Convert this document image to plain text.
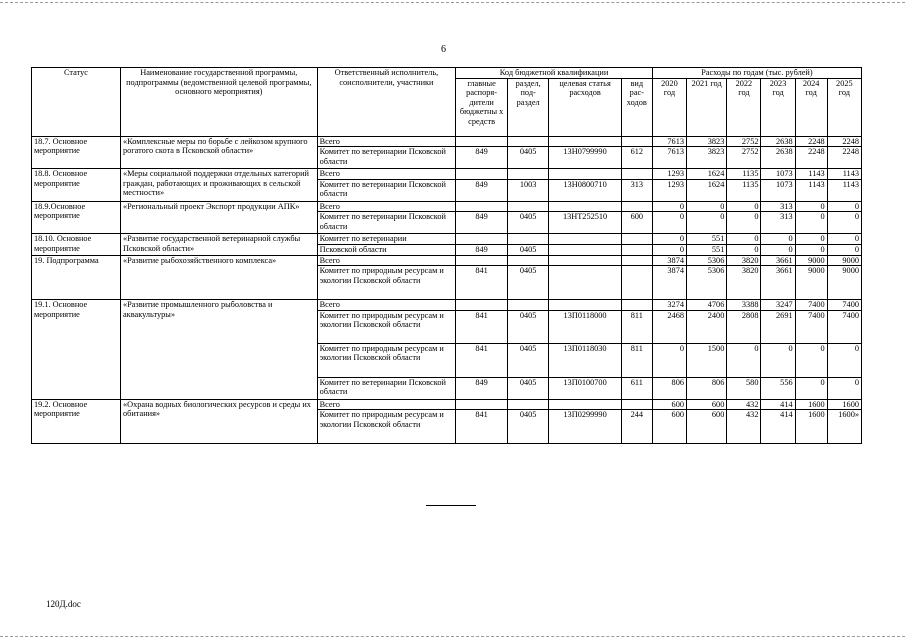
6
Статус	Наименование государственной программы, подпрограммы (ведомственной целевой программы, основного мероприятия)	Ответственный исполнитель, соисполнители, участники	Код бюджетной квалификации				Расходы по годам (тыс. рублей)					
			главные распоря-дители бюджетны х средств	раздел, под-раздел	целевая статья расходов	вид рас-ходов	2020 год	2021 год	2022 год	2023 год	2024 год	2025 год
18.7. Основное мероприятие	«Комплексные меры по борьбе с лейкозом крупного рогатого скота в Псковской области»	Всего					7613	3823	2752	2638	2248	2248
		Комитет по ветеринарии Псковской области	849	0405	13Н0799990	612	7613	3823	2752	2638	2248	2248
18.8. Основное мероприятие	«Меры социальной поддержки отдельных категорий граждан, работающих и проживающих в сельской местности»	Всего					1293	1624	1135	1073	1143	1143
		Комитет по ветеринарии Псковской области	849	1003	13Н0800710	313	1293	1624	1135	1073	1143	1143
18.9.Основное мероприятие	«Региональный проект Экспорт продукции АПК»	Всего					0	0	0	313	0	0
		Комитет по ветеринарии Псковской области	849	0405	13НТ252510	600	0	0	0	313	0	0
18.10. Основное мероприятие	«Развитие государственной ветеринарной службы Псковской области»	Комитет по ветеринарии					0	551	0	0	0	0
		Псковской области	849	0405			0	551	0	0	0	0
19. Подпрограмма	«Развитие рыбохозяйственного комплекса»	Всего					3874	5306	3820	3661	9000	9000
		Комитет по природным ресурсам и экологии Псковской области	841	0405			3874	5306	3820	3661	9000	9000
19.1. Основное мероприятие	«Развитие промышленного рыболовства и аквакультуры»	Всего					3274	4706	3388	3247	7400	7400
		Комитет по природным ресурсам и экологии Псковской области	841	0405	13П0118000	811	2468	2400	2808	2691	7400	7400
		Комитет по природным ресурсам и экологии Псковской области	841	0405	13П0118030	811	0	1500	0	0	0	0
		Комитет по ветеринарии Псковской области	849	0405	13П0100700	611	806	806	580	556	0	0
19.2. Основное мероприятие	«Охрана водных биологических ресурсов и среды их обитания»	Всего					600	600	432	414	1600	1600
		Комитет по природным ресурсам и экологии Псковской области	841	0405	13П0299990	244	600	600	432	414	1600	1600»
120Д.doc
